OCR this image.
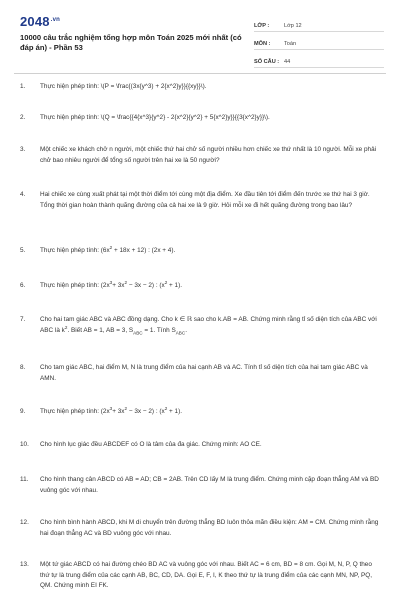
$2048^{.vn}$
10000 câu trắc nghiệm tổng hợp môn Toán 2025 mới nhất (có đáp án) - Phần 53
LỚP :	Lớp 12
MÔN : Toán
SỐ CÂU : 44
1.	Thực hiện phép tính: \(P = \frac{(3x{y^3) + 2{x^2}y}}{{xy}}\).
2.	Thực hiện phép tính: \(Q = \frac{{4{x^3}{y^2} - 2{x^2}{y^2} + 5{x^2}y}}{{3{x^2}y}}\).
3.	Một chiếc xe khách chở n người, một chiếc thứ hai chở số người nhiều hơn chiếc xe thứ nhất là 10 người. Mỗi xe phải chở bao nhiêu người để tổng số người trên hai xe là 50 người?
4.	Hai chiếc xe cùng xuất phát tại một thời điểm tới cùng một địa điểm. Xe đầu tiên tới điểm đến trước xe thứ hai 3 giờ. Tổng thời gian hoàn thành quãng đường của cả hai xe là 9 giờ. Hỏi mỗi xe đi hết quãng đường trong bao lâu?
5.	Thực hiện phép tính: $(6x^2 + 18x + 12)$ : (2x + 4).
6.	Thực hiện phép tính: $(2x^3+ 3x^2 - 3x - 2)$ : $(x^2 + 1)$.
7.	Cho hai tam giác ABC và ABC đồng dạng. Cho k ∈ ℝ sao cho k.AB = AB. Chứng minh rằng tỉ số diện tích của ABC với ABC là $k^2$. Biết AB = 1, AB = 3, $S_{ABC} = 1$. Tính $S_{ABC}$.
8.	Cho tam giác ABC, hai điểm M, N là trung điểm của hai cạnh AB và AC. Tính tỉ số diện tích của hai tam giác ABC và AMN.
9.	Thực hiện phép tính: $(2x^3+ 3x^2 - 3x - 2)$ : $(x^2 + 1)$.
10.	Cho hình lục giác đều ABCDEF có O là tâm của đa giác. Chứng minh: AO CE.
11.	Cho hình thang cân ABCD có AB = AD; CB = 2AB. Trên CD lấy M là trung điểm. Chứng minh cặp đoạn thẳng AM và BD vuông góc với nhau.
12.	Cho hình bình hành ABCD, khi M di chuyển trên đường thẳng BD luôn thỏa mãn điều kiện: AM = CM. Chứng minh rằng hai đoạn thẳng AC và BD vuông góc với nhau.
13.	Một tứ giác ABCD có hai đường chéo BD AC và vuông góc với nhau. Biết AC = 6 cm, BD = 8 cm. Gọi M, N, P, Q theo thứ tự là trung điểm của các cạnh AB, BC, CD, DA. Gọi E, F, I, K theo thứ tự là trung điểm của các cạnh MN, NP, PQ, QM. Chứng minh EI FK.
